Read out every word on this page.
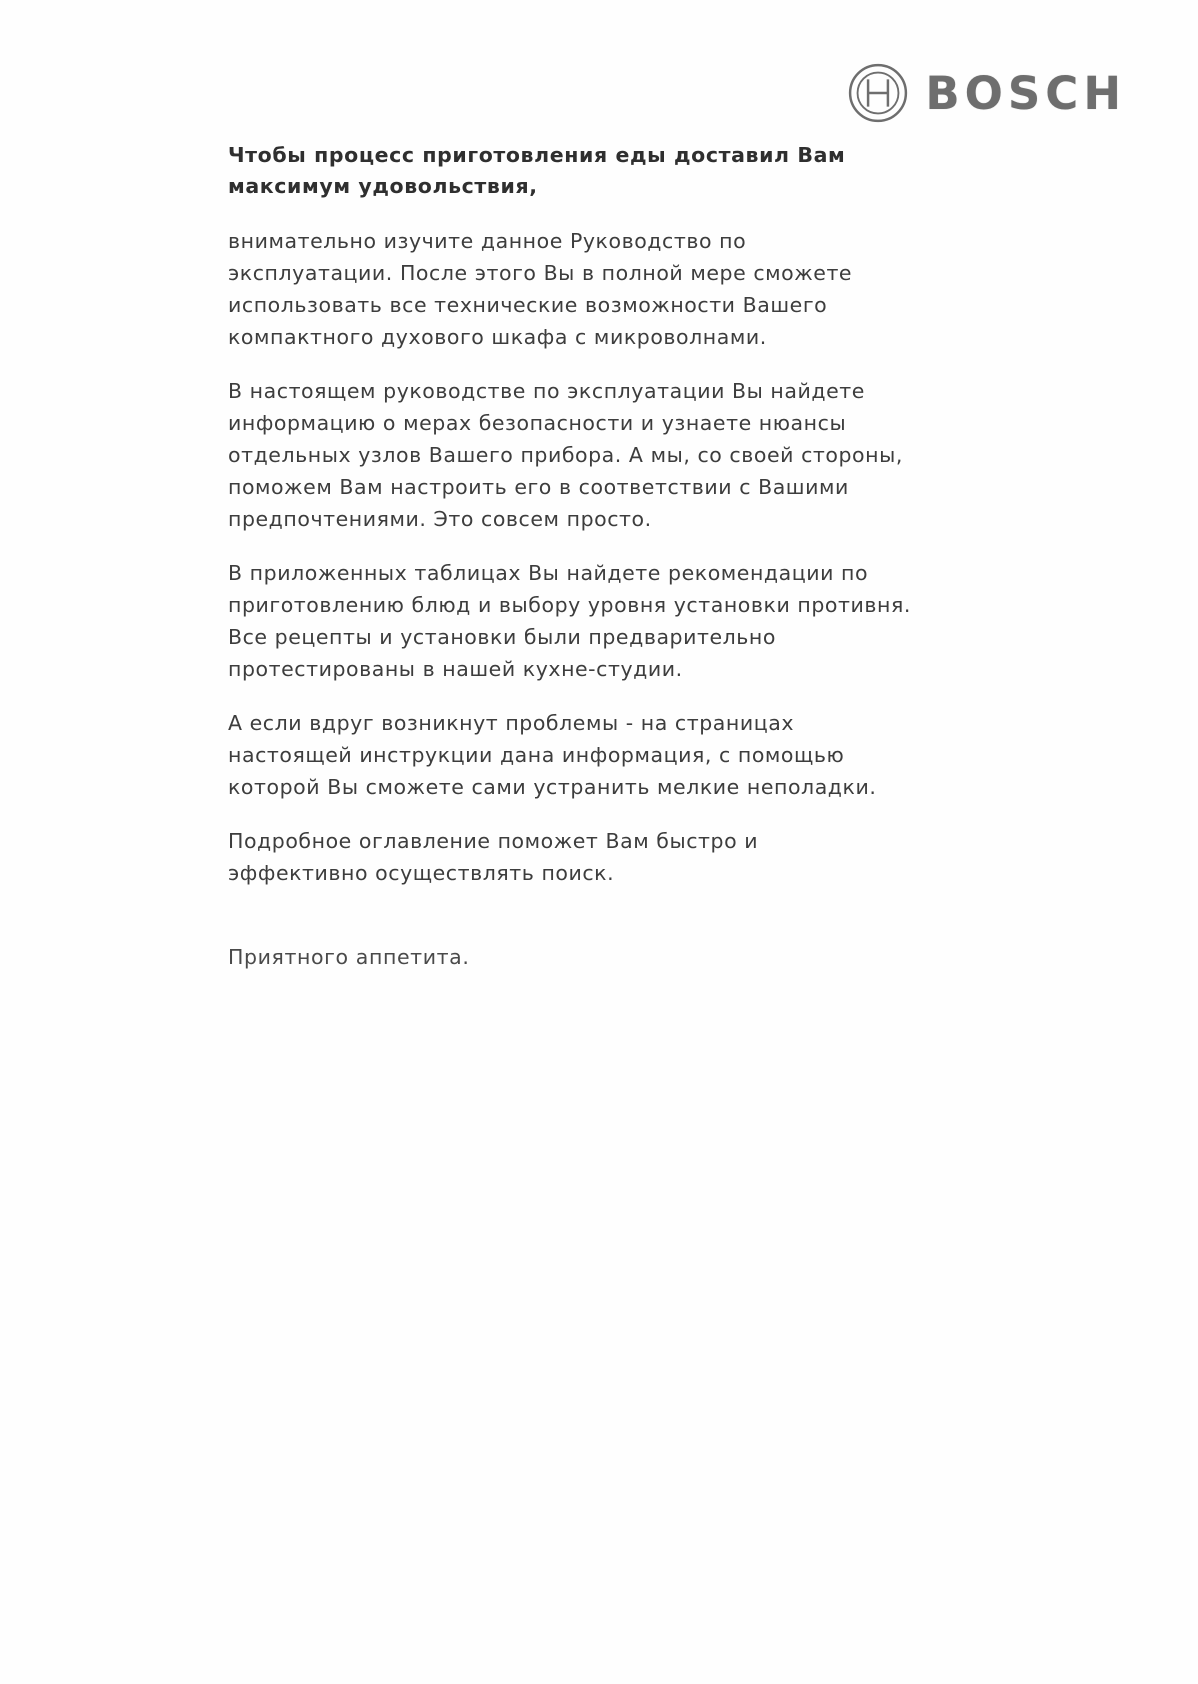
BOSCH

Чтобы процесс приготовления еды доставил Вам максимум удовольствия,

внимательно изучите данное Руководство по эксплуатации. После этого Вы в полной мере сможете использовать все технические возможности Вашего компактного духового шкафа с микроволнами.

В настоящем руководстве по эксплуатации Вы найдете информацию о мерах безопасности и узнаете нюансы отдельных узлов Вашего прибора. А мы, со своей стороны, поможем Вам настроить его в соответствии с Вашими предпочтениями. Это совсем просто.

В приложенных таблицах Вы найдете рекомендации по приготовлению блюд и выбору уровня установки противня. Все рецепты и установки были предварительно протестированы в нашей кухне-студии.

А если вдруг возникнут проблемы - на страницах настоящей инструкции дана информация, с помощью которой Вы сможете сами устранить мелкие неполадки.

Подробное оглавление поможет Вам быстро и эффективно осуществлять поиск.

Приятного аппетита.
